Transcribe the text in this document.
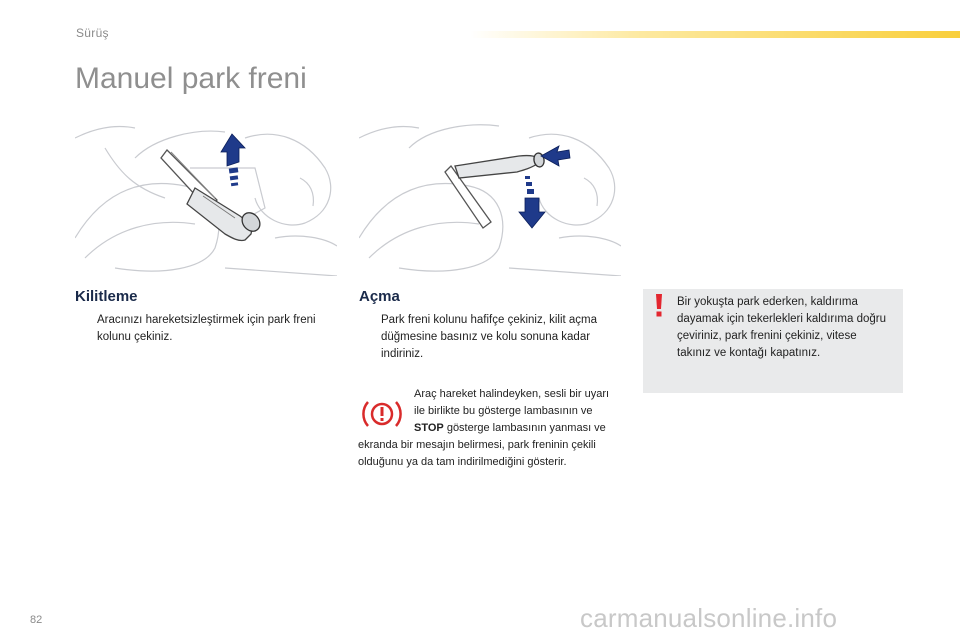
Sürüş
Manuel park freni
Kilitleme
Aracınızı hareketsizleştirmek için park freni kolunu çekiniz.
Açma
Park freni kolunu hafifçe çekiniz, kilit açma düğmesine basınız ve kolu sonuna kadar indiriniz.
Araç hareket halindeyken, sesli bir uyarı ile birlikte bu gösterge lambasının ve STOP gösterge lambasının yanması ve ekranda bir mesajın belirmesi, park freninin çekili olduğunu ya da tam indirilmediğini gösterir.
Bir yokuşta park ederken, kaldırıma dayamak için tekerlekleri kaldırıma doğru çeviriniz, park frenini çekiniz, vitese takınız ve kontağı kapatınız.
82	carmanualsonline.info
